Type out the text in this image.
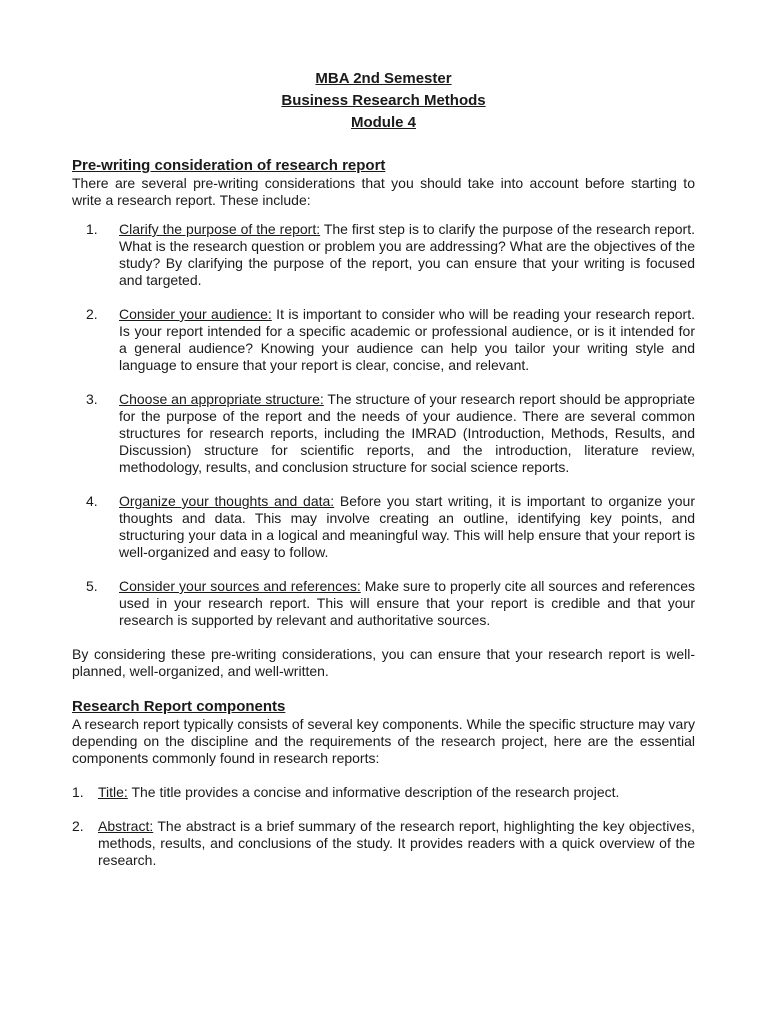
MBA 2nd Semester
Business Research Methods
Module 4
Pre-writing consideration of research report

There are several pre-writing considerations that you should take into account before starting to write a research report. These include:

1. Clarify the purpose of the report: The first step is to clarify the purpose of the research report. What is the research question or problem you are addressing? What are the objectives of the study? By clarifying the purpose of the report, you can ensure that your writing is focused and targeted.
2. Consider your audience: It is important to consider who will be reading your research report. Is your report intended for a specific academic or professional audience, or is it intended for a general audience? Knowing your audience can help you tailor your writing style and language to ensure that your report is clear, concise, and relevant.
3. Choose an appropriate structure: The structure of your research report should be appropriate for the purpose of the report and the needs of your audience. There are several common structures for research reports, including the IMRAD (Introduction, Methods, Results, and Discussion) structure for scientific reports, and the introduction, literature review, methodology, results, and conclusion structure for social science reports.
4. Organize your thoughts and data: Before you start writing, it is important to organize your thoughts and data. This may involve creating an outline, identifying key points, and structuring your data in a logical and meaningful way. This will help ensure that your report is well-organized and easy to follow.
5. Consider your sources and references: Make sure to properly cite all sources and references used in your research report. This will ensure that your report is credible and that your research is supported by relevant and authoritative sources.

By considering these pre-writing considerations, you can ensure that your research report is well-planned, well-organized, and well-written.

Research Report components

A research report typically consists of several key components. While the specific structure may vary depending on the discipline and the requirements of the research project, here are the essential components commonly found in research reports:

1. Title: The title provides a concise and informative description of the research project.
2. Abstract: The abstract is a brief summary of the research report, highlighting the key objectives, methods, results, and conclusions of the study. It provides readers with a quick overview of the research.
